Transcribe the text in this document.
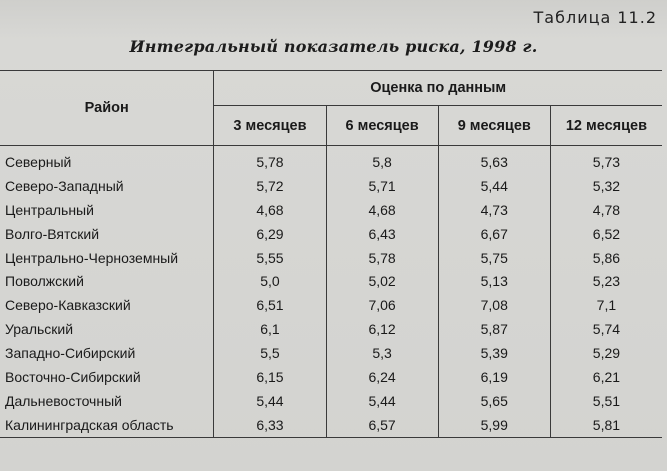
Таблица 11.2
Интегральный показатель риска, 1998 г.
Район	Оценка по данным			
	3 месяцев	6 месяцев	9 месяцев	12 месяцев
Северный	5,78	5,8	5,63	5,73
Северо-Западный	5,72	5,71	5,44	5,32
Центральный	4,68	4,68	4,73	4,78
Волго-Вятский	6,29	6,43	6,67	6,52
Центрально-Черноземный	5,55	5,78	5,75	5,86
Поволжский	5,0	5,02	5,13	5,23
Северо-Кавказский	6,51	7,06	7,08	7,1
Уральский	6,1	6,12	5,87	5,74
Западно-Сибирский	5,5	5,3	5,39	5,29
Восточно-Сибирский	6,15	6,24	6,19	6,21
Дальневосточный	5,44	5,44	5,65	5,51
Калининградская область	6,33	6,57	5,99	5,81
